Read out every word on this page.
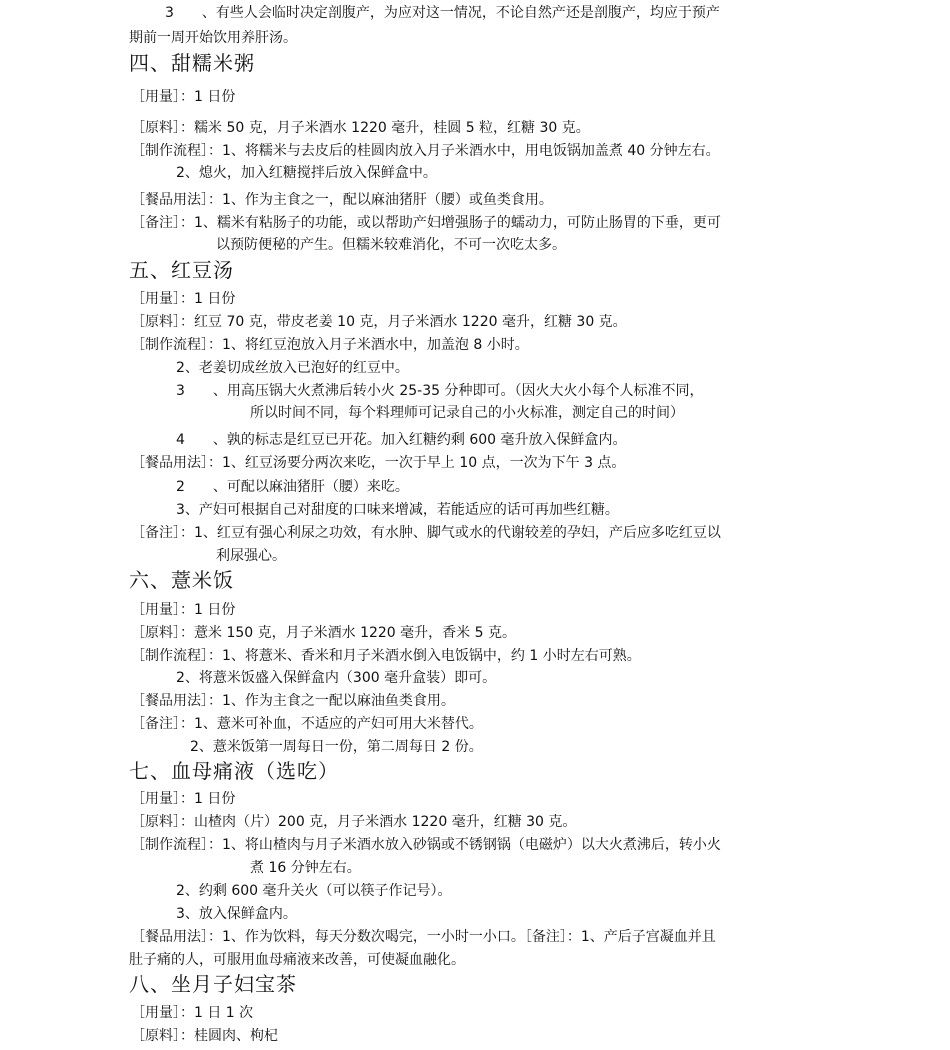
3　　、有些人会临时决定剖腹产，为应对这一情况，不论自然产还是剖腹产，均应于预产
期前一周开始饮用养肝汤。
四、甜糯米粥
［用量］：1 日份
［原料］：糯米 50 克，月子米酒水 1220 毫升，桂圆 5 粒，红糖 30 克。
［制作流程］：1、将糯米与去皮后的桂圆肉放入月子米酒水中，用电饭锅加盖煮 40 分钟左右。
2、熄火，加入红糖搅拌后放入保鲜盒中。
［餐品用法］：1、作为主食之一，配以麻油猪肝（腰）或鱼类食用。
［备注］：1、糯米有粘肠子的功能，或以帮助产妇增强肠子的蠕动力，可防止肠胃的下垂，更可
以预防便秘的产生。但糯米较难消化，不可一次吃太多。
五、红豆汤
［用量］：1 日份
［原料］：红豆 70 克，带皮老姜 10 克，月子米酒水 1220 毫升，红糖 30 克。
［制作流程］：1、将红豆泡放入月子米酒水中，加盖泡 8 小时。
2、老姜切成丝放入已泡好的红豆中。
3　　、用高压锅大火煮沸后转小火 25-35 分种即可。（因火大火小每个人标准不同，
所以时间不同，每个料理师可记录自己的小火标准，测定自己的时间）
4　　、孰的标志是红豆已开花。加入红糖约剩 600 毫升放入保鲜盒内。
［餐品用法］：1、红豆汤要分两次来吃，一次于早上 10 点，一次为下午 3 点。
2　　、可配以麻油猪肝（腰）来吃。
3、产妇可根据自己对甜度的口味来增减，若能适应的话可再加些红糖。
［备注］：1、红豆有强心利尿之功效，有水肿、脚气或水的代谢较差的孕妇，产后应多吃红豆以
利尿强心。
六、薏米饭
［用量］：1 日份
［原料］：薏米 150 克，月子米酒水 1220 毫升，香米 5 克。
［制作流程］：1、将薏米、香米和月子米酒水倒入电饭锅中，约 1 小时左右可熟。
2、将薏米饭盛入保鲜盒内（300 毫升盒装）即可。
［餐品用法］：1、作为主食之一配以麻油鱼类食用。
［备注］：1、薏米可补血，不适应的产妇可用大米替代。
2、薏米饭第一周每日一份，第二周每日 2 份。
七、血母痛液（选吃）
［用量］：1 日份
［原料］：山楂肉（片）200 克，月子米酒水 1220 毫升，红糖 30 克。
［制作流程］：1、将山楂肉与月子米酒水放入砂锅或不锈钢锅（电磁炉）以大火煮沸后，转小火
煮 16 分钟左右。
2、约剩 600 毫升关火（可以筷子作记号）。
3、放入保鲜盒内。
［餐品用法］：1、作为饮料，每天分数次喝完，一小时一小口。［备注］：1、产后子宫凝血并且
肚子痛的人，可服用血母痛液来改善，可使凝血融化。
八、坐月子妇宝茶
［用量］：1 日 1 次
［原料］：桂圆肉、枸杞
